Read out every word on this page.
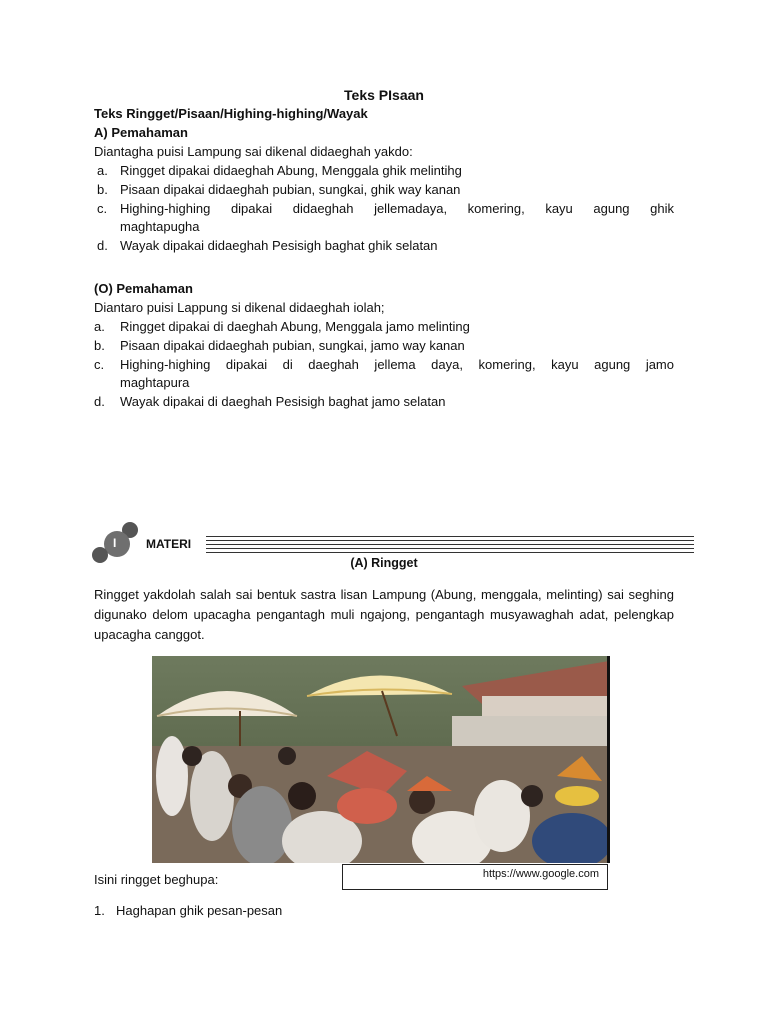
Teks PIsaan
Teks Ringget/Pisaan/Highing-highing/Wayak
A) Pemahaman
Diantagha puisi Lampung sai dikenal didaeghah yakdo:
a. Ringget dipakai didaeghah Abung, Menggala ghik melintihg
b. Pisaan dipakai didaeghah pubian, sungkai, ghik way kanan
c. Highing-highing dipakai didaeghah jellemadaya, komering, kayu agung ghik
maghtapugha
d. Wayak dipakai didaeghah Pesisigh baghat ghik selatan
(O) Pemahaman
Diantaro puisi Lappung si dikenal didaeghah iolah;
a. Ringget dipakai di daeghah Abung, Menggala jamo melinting
b. Pisaan dipakai didaeghah pubian, sungkai, jamo way kanan
c. Highing-highing dipakai di daeghah jellema daya, komering, kayu agung jamo
maghtapura
d. Wayak dipakai di daeghah Pesisigh baghat jamo selatan
I MATERI
(A) Ringget
Ringget yakdolah salah sai bentuk sastra lisan Lampung (Abung, menggala, melinting) sai seghing digunako delom upacagha pengantagh muli ngajong, pengantagh musyawaghah adat, pelengkap upacagha canggot.
https://www.google.com
Isini ringget beghupa:
1. Haghapan ghik pesan-pesan
